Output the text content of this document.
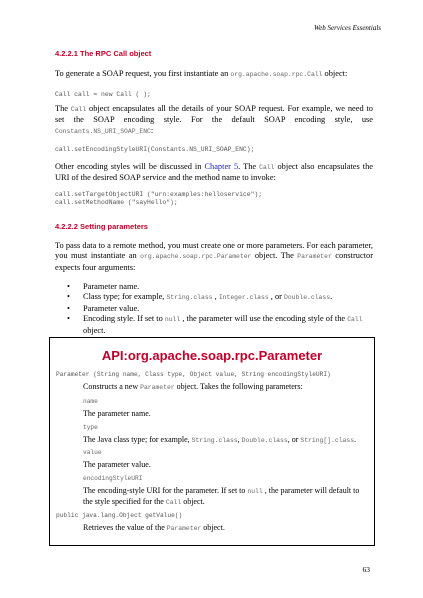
Web Services Essentials
4.2.2.1 The RPC Call object
To generate a SOAP request, you first instantiate an org.apache.soap.rpc.Call object:
Call call = new Call ( );
The Call object encapsulates all the details of your SOAP request. For example, we need to set the SOAP encoding style. For the default SOAP encoding style, use Constants.NS_URI_SOAP_ENC:
call.setEncodingStyleURI(Constants.NS_URI_SOAP_ENC);
Other encoding styles will be discussed in Chapter 5. The Call object also encapsulates the URI of the desired SOAP service and the method name to invoke:
call.setTargetObjectURI ("urn:examples:helloservice");
call.setMethodName ("sayHello");
4.2.2.2 Setting parameters
To pass data to a remote method, you must create one or more parameters. For each parameter, you must instantiate an org.apache.soap.rpc.Parameter object. The Parameter constructor expects four arguments:
• Parameter name.
• Class type; for example, String.class , Integer.class , or Double.class.
• Parameter value.
• Encoding style. If set to null , the parameter will use the encoding style of the Call object.
API:org.apache.soap.rpc.Parameter
Parameter (String name, Class type, Object value, String encodingStyleURI)
Constructs a new Parameter object. Takes the following parameters:
name
The parameter name.
type
The Java class type; for example, String.class, Double.class, or String[].class.
value
The parameter value.
encodingStyleURI
The encoding-style URI for the parameter. If set to null , the parameter will default to the style specified for the Call object.
public java.lang.Object getValue()
Retrieves the value of the Parameter object.
63
